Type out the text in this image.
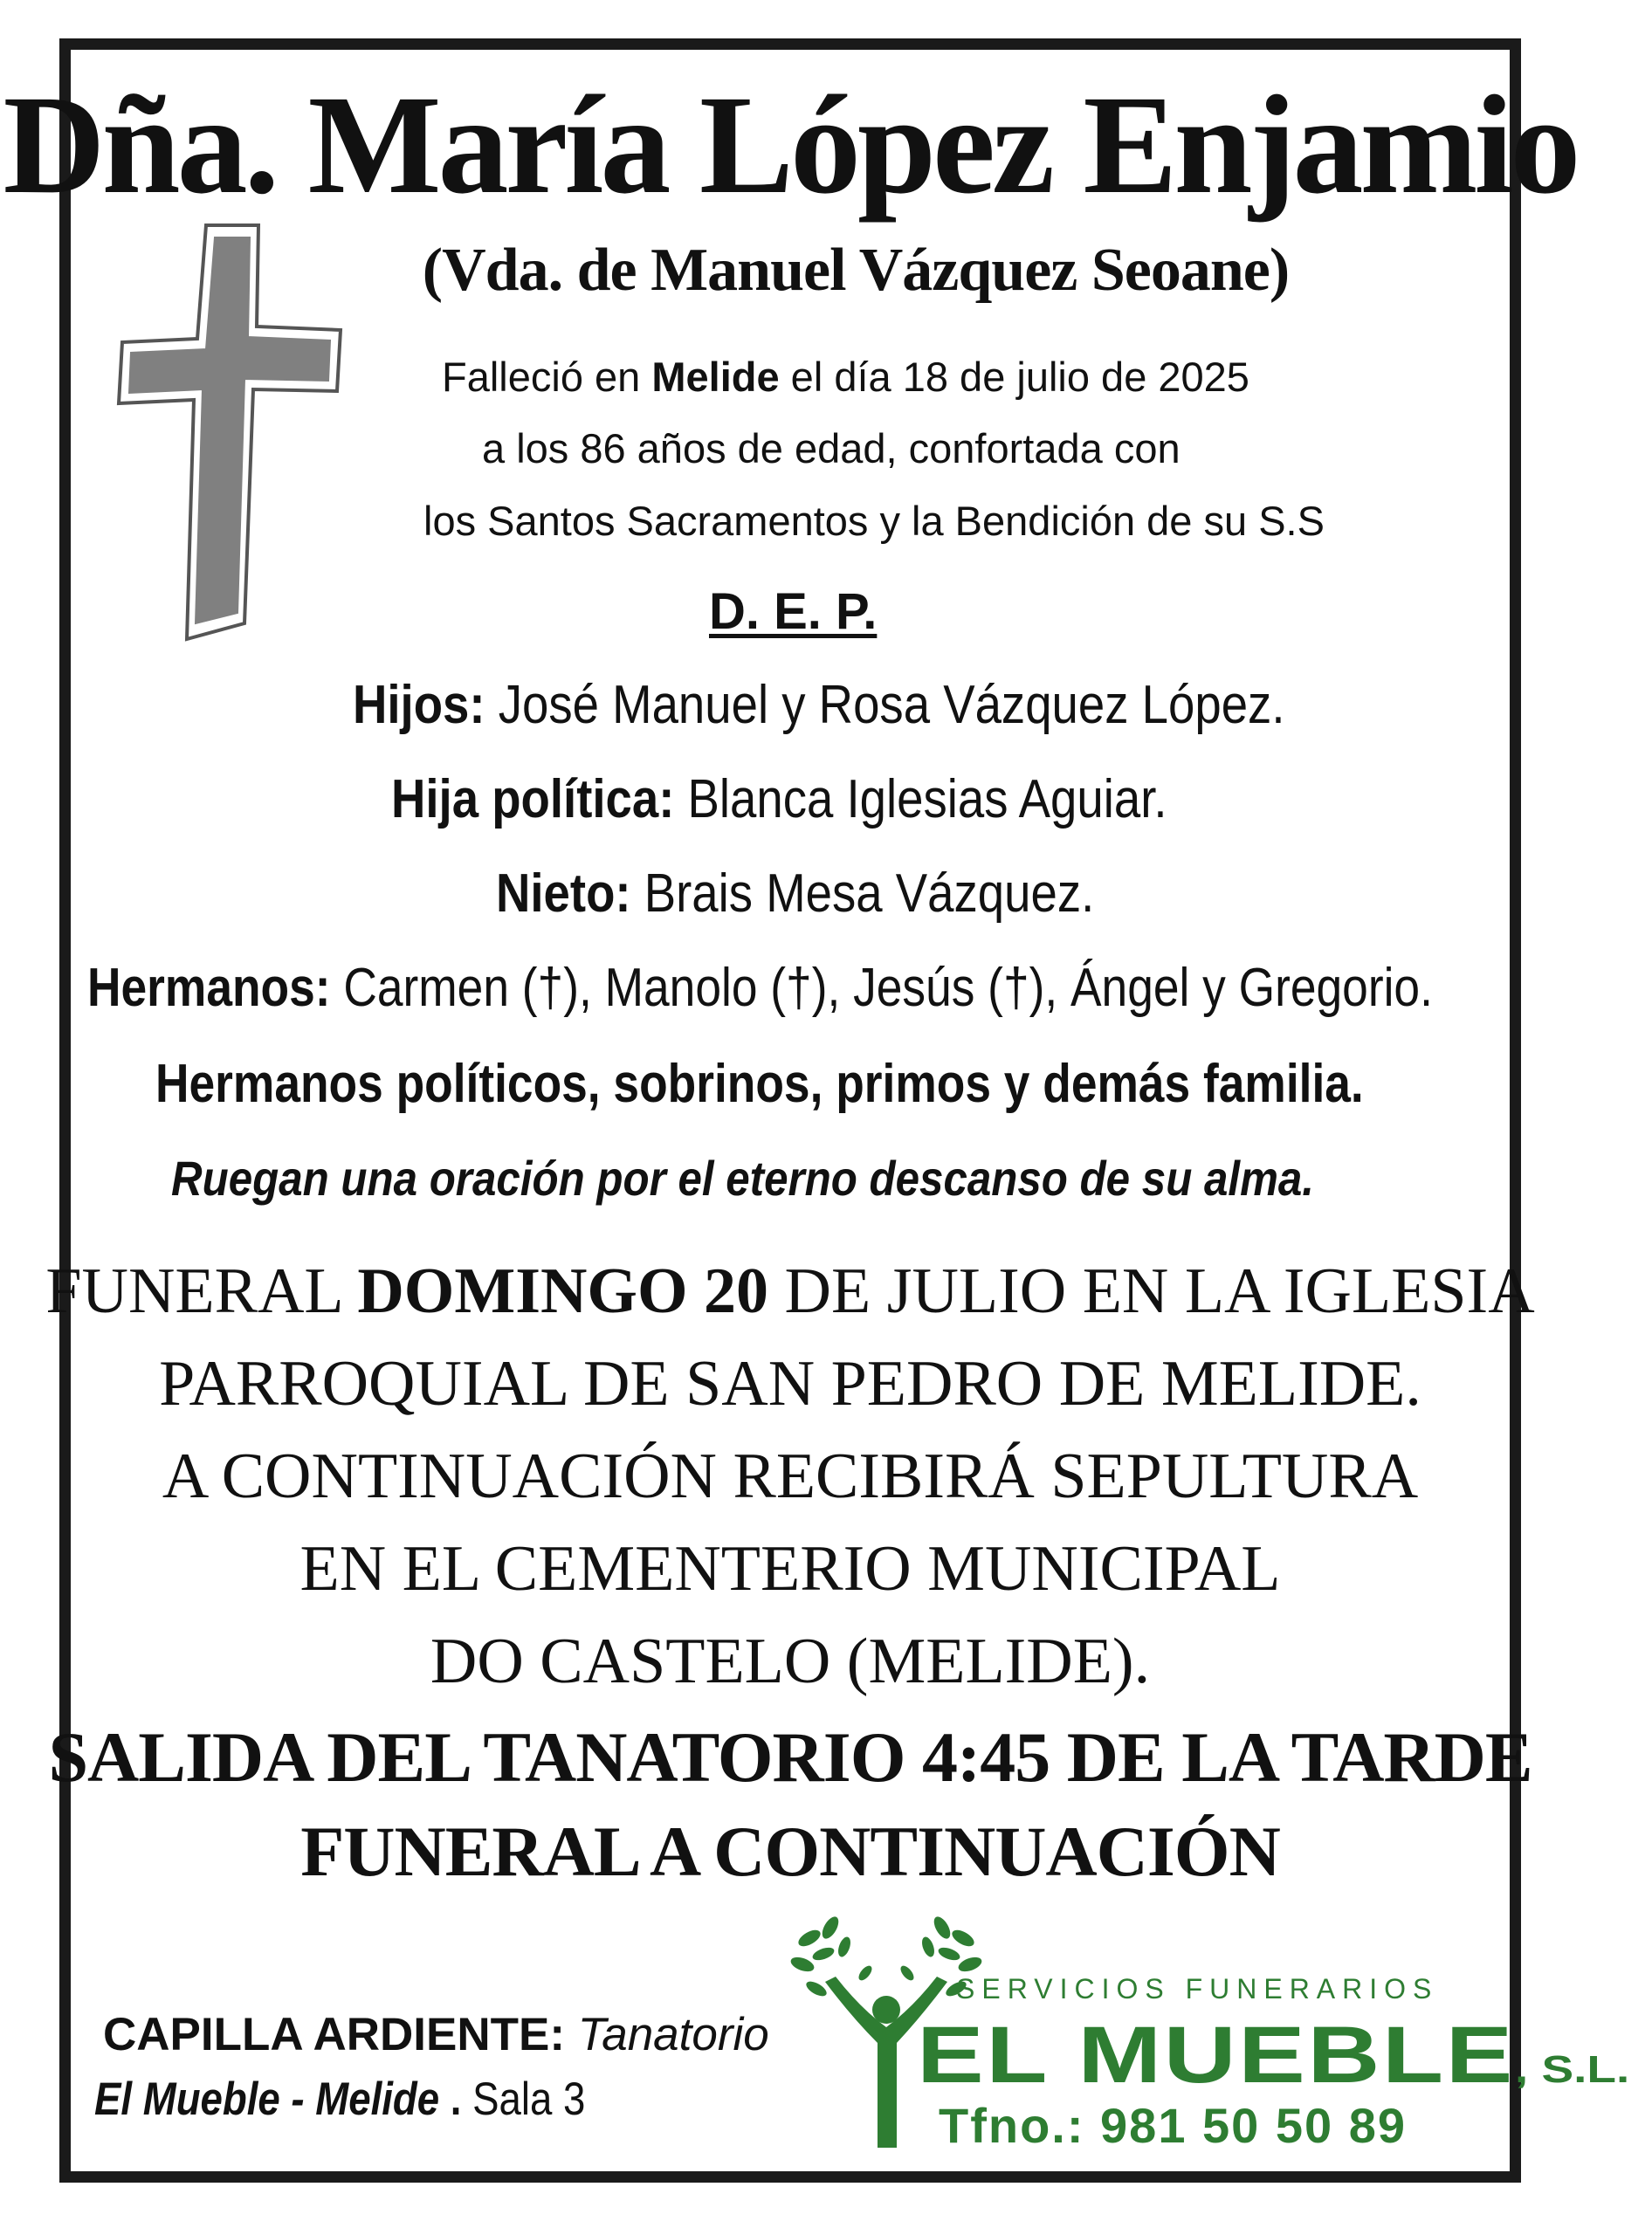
Dña. María López Enjamio
(Vda. de Manuel Vázquez Seoane)
Falleció en Melide el día 18 de julio de 2025
a los 86 años de edad, confortada con
los Santos Sacramentos y la Bendición de su S.S
D. E. P.
Hijos: José Manuel y Rosa Vázquez López.
Hija política: Blanca Iglesias Aguiar.
Nieto: Brais Mesa Vázquez.
Hermanos: Carmen (†), Manolo (†), Jesús (†), Ángel y Gregorio.
Hermanos políticos, sobrinos, primos y demás familia.
Ruegan una oración por el eterno descanso de su alma.
FUNERAL DOMINGO 20 DE JULIO EN LA IGLESIA
PARROQUIAL DE SAN PEDRO DE MELIDE.
A CONTINUACIÓN RECIBIRÁ SEPULTURA
EN EL CEMENTERIO MUNICIPAL
DO CASTELO (MELIDE).
SALIDA DEL TANATORIO 4:45 DE LA TARDE
FUNERAL A CONTINUACIÓN
CAPILLA ARDIENTE: Tanatorio
El Mueble - Melide . Sala 3
SERVICIOS FUNERARIOS
EL MUEBLE, S.L.
Tfno.: 981 50 50 89
